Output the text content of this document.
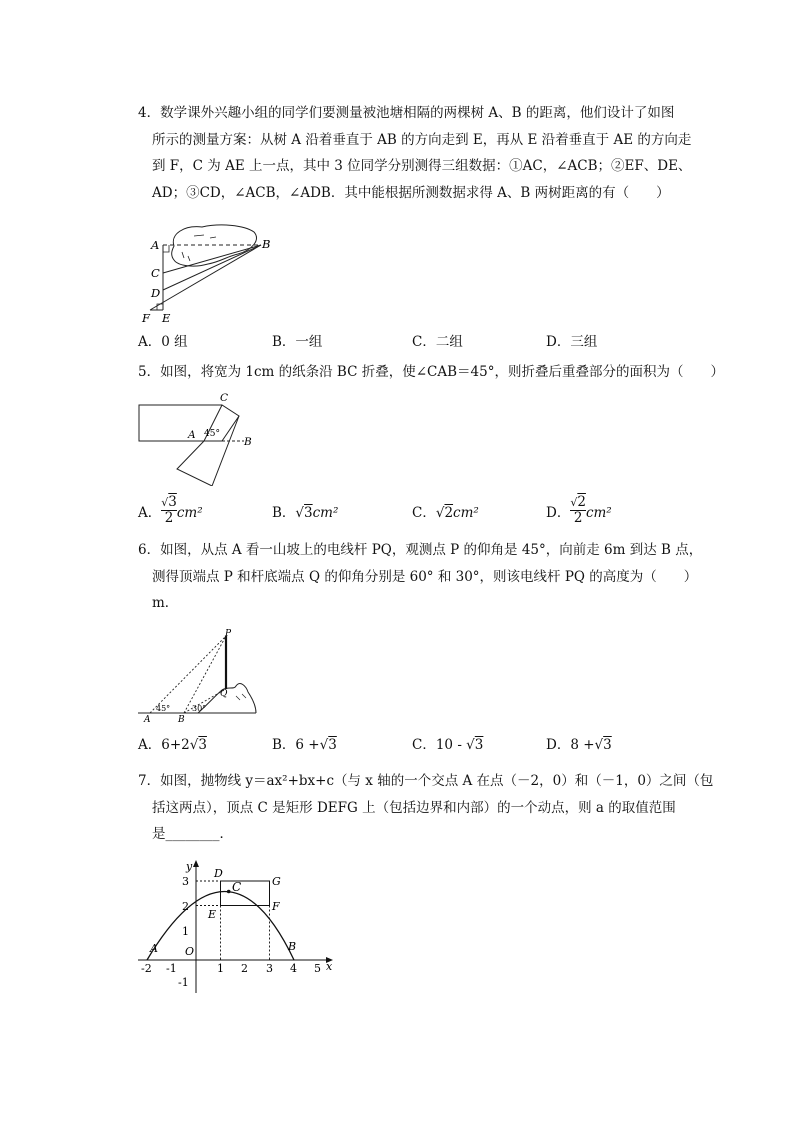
4．数学课外兴趣小组的同学们要测量被池塘相隔的两棵树 A、B 的距离，他们设计了如图
所示的测量方案：从树 A 沿着垂直于 AB 的方向走到 E，再从 E 沿着垂直于 AE 的方向走
到 F，C 为 AE 上一点，其中 3 位同学分别测得三组数据：①AC，∠ACB；②EF、DE、
AD；③CD，∠ACB，∠ADB．其中能根据所测数据求得 A、B 两树距离的有（　　）
A	B
C
D
F E
A．0 组	B．一组	C．二组	D．三组
5．如图，将宽为 1cm 的纸条沿 BC 折叠，使∠CAB＝45°，则折叠后重叠部分的面积为（　　）
C
A
B
45°
A． $\frac{√3}{2} cm^2$	B．√3cm²	C．√2cm²	D． $\frac{√2}{2} cm^2$
6．如图，从点 A 看一山坡上的电线杆 PQ，观测点 P 的仰角是 45°，向前走 6m 到达 B 点，
测得顶端点 P 和杆底端点 Q 的仰角分别是 60° 和 30°，则该电线杆 PQ 的高度为（　　）
m．
P
Q
A	B
45°	30°
A．6+2√3	B．6 +√3	C．10 - √3	D．8 +√3
7．如图，抛物线 y＝ax²+bx+c（与 x 轴的一个交点 A 在点（－2，0）和（－1，0）之间（包
括这两点），顶点 C 是矩形 DEFG 上（包括边界和内部）的一个动点，则 a 的取值范围
是________．
A	B
C
D
E
F
G
x
y
O
-2 -1	1 2 3 4 5
3
2
1
-1
